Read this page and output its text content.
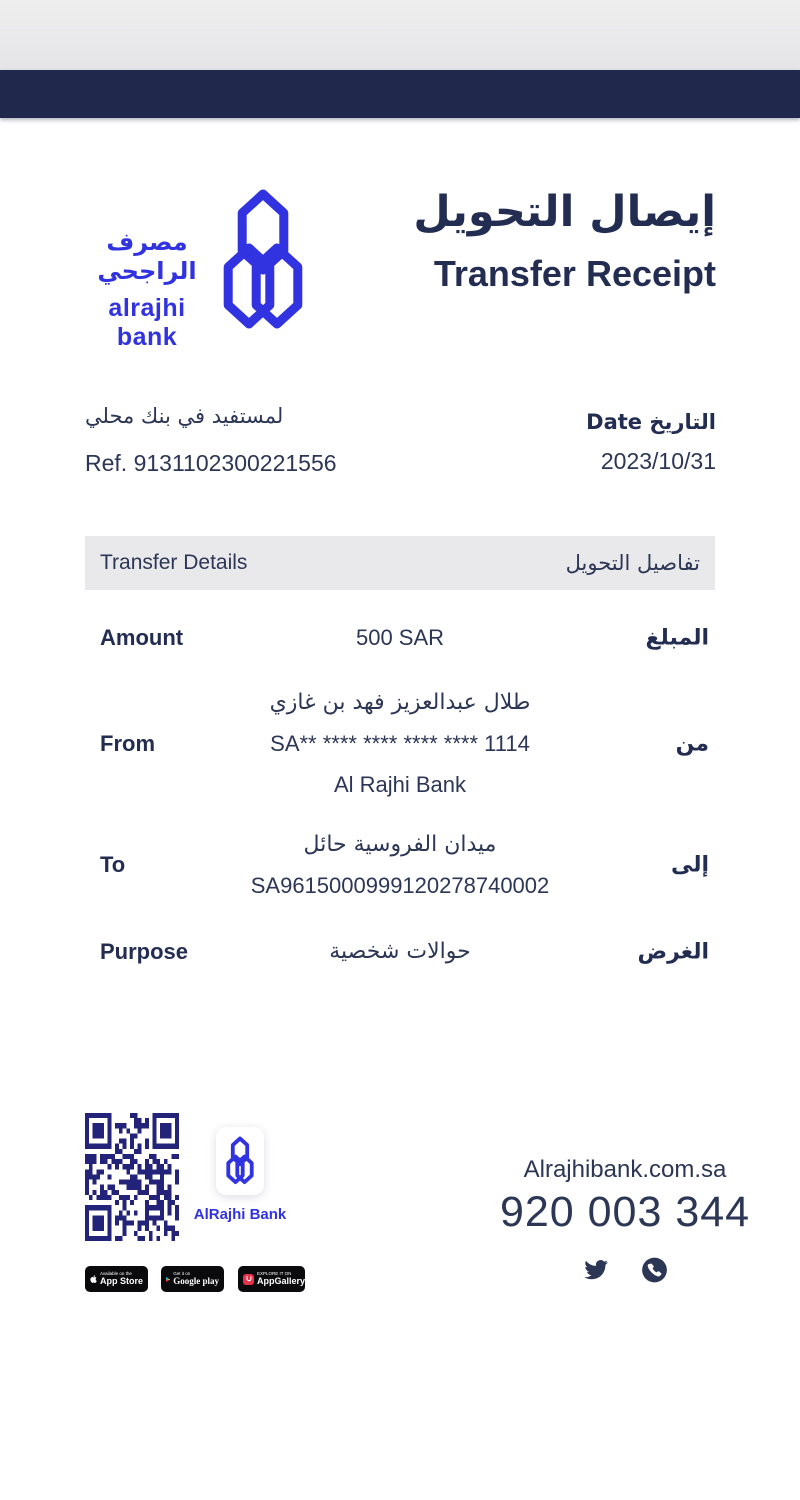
مصرف الراجحي
alrajhi bank
إيصال التحويل
Transfer Receipt
لمستفيد في بنك محلي
Ref. 9131102300221556
التاريخ Date
2023/10/31
Transfer Details	تفاصيل التحويل
Amount	500 SAR	المبلغ
From
طلال عبدالعزيز فهد بن غازي
SA** **** **** **** **** 1114
Al Rajhi Bank
من
To
ميدان الفروسية حائل
SA9615000999120278740002
إلى
Purpose	حوالات شخصية	الغرض
AlRajhi Bank
Available on the
App Store
Get it on
Google play
EXPLORE IT ON
AppGallery
Alrajhibank.com.sa
920 003 344
